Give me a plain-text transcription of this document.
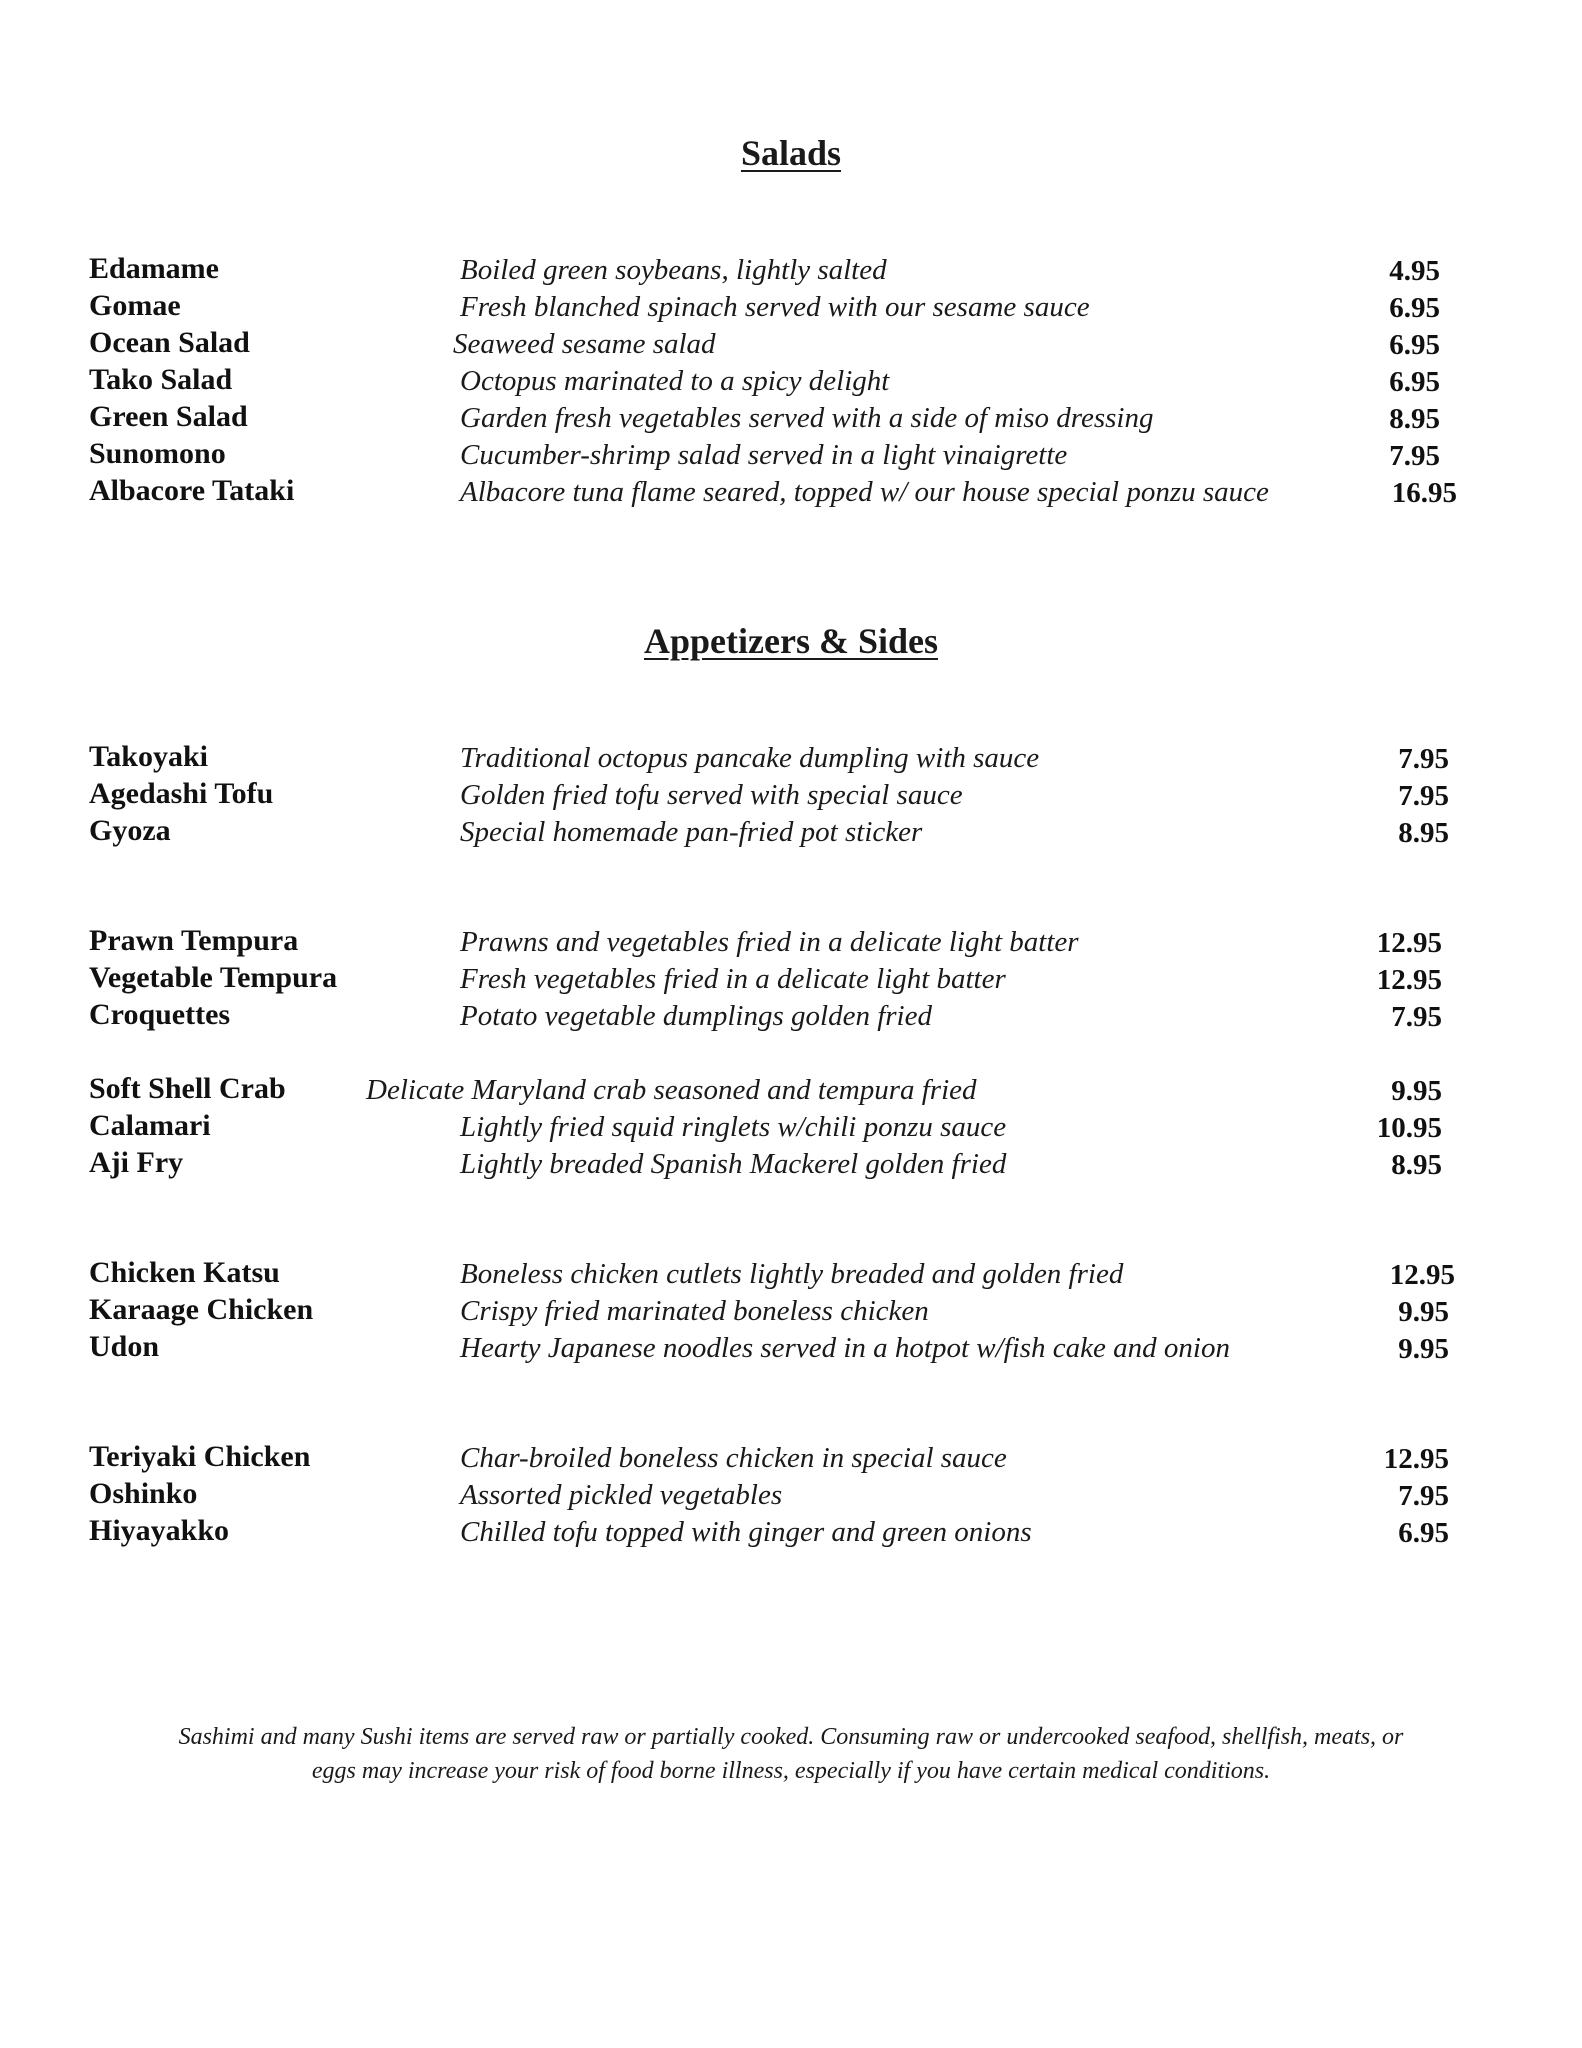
Salads
Edamame	Boiled green soybeans, lightly salted	4.95
Gomae	Fresh blanched spinach served with our sesame sauce	6.95
Ocean Salad	Seaweed sesame salad	6.95
Tako Salad	Octopus marinated to a spicy delight	6.95
Green Salad	Garden fresh vegetables served with a side of miso dressing	8.95
Sunomono	Cucumber-shrimp salad served in a light vinaigrette	7.95
Albacore Tataki	Albacore tuna flame seared, topped w/ our house special ponzu sauce	16.95
Appetizers & Sides
Takoyaki	Traditional octopus pancake dumpling with sauce	7.95
Agedashi Tofu	Golden fried tofu served with special sauce	7.95
Gyoza	Special homemade pan-fried pot sticker	8.95
Prawn Tempura	Prawns and vegetables fried in a delicate light batter	12.95
Vegetable Tempura	Fresh vegetables fried in a delicate light batter	12.95
Croquettes	Potato vegetable dumplings golden fried	7.95
Soft Shell Crab	Delicate Maryland crab seasoned and tempura fried	9.95
Calamari	Lightly fried squid ringlets w/chili ponzu sauce	10.95
Aji Fry	Lightly breaded Spanish Mackerel golden fried	8.95
Chicken Katsu	Boneless chicken cutlets lightly breaded and golden fried	12.95
Karaage Chicken	Crispy fried marinated boneless chicken	9.95
Udon	Hearty Japanese noodles served in a hotpot w/fish cake and onion	9.95
Teriyaki Chicken	Char-broiled boneless chicken in special sauce	12.95
Oshinko	Assorted pickled vegetables	7.95
Hiyayakko	Chilled tofu topped with ginger and green onions	6.95
Sashimi and many Sushi items are served raw or partially cooked. Consuming raw or undercooked seafood, shellfish, meats, or
eggs may increase your risk of food borne illness, especially if you have certain medical conditions.
